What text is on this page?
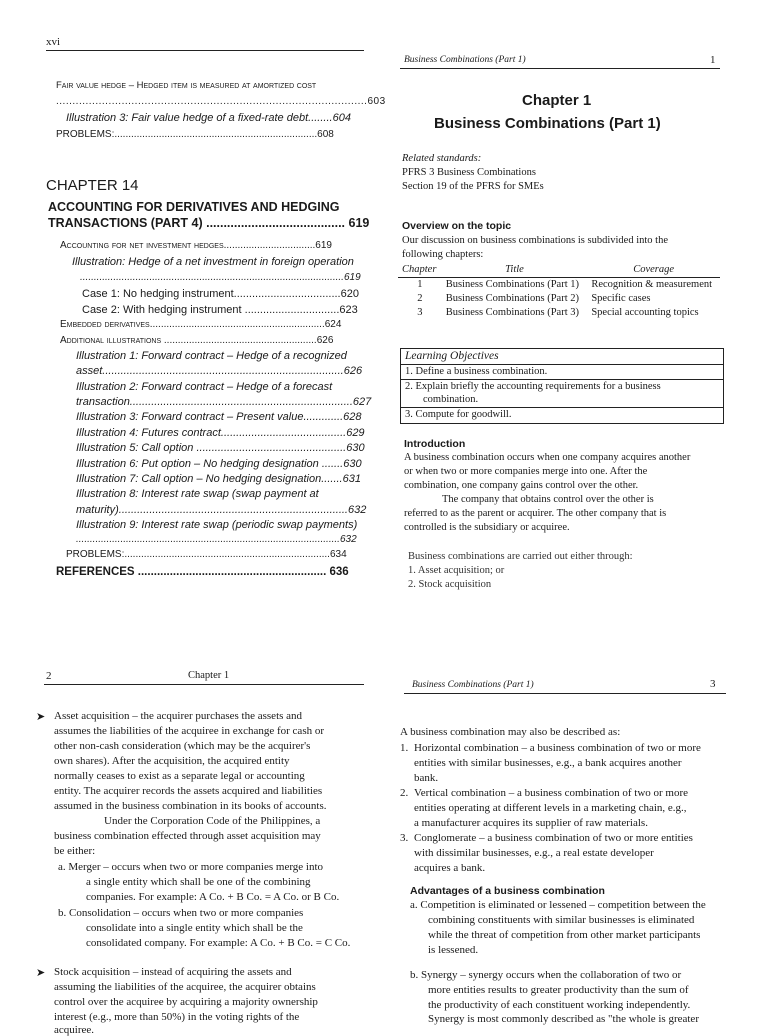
xvi
Fair value hedge – Hedged item is measured at amortized cost
...............................................................................................603
Illustration 3: Fair value hedge of a fixed-rate debt........604
PROBLEMS:.........................................................................608
CHAPTER 14
ACCOUNTING FOR DERIVATIVES AND HEDGING
TRANSACTIONS (PART 4) ........................................ 619
Accounting for net investment hedges.................................619
Illustration: Hedge of a net investment in foreign operation
...............................................................................................619
Case 1: No hedging instrument...................................620
Case 2: With hedging instrument ...............................623
Embedded derivatives...............................................................624
Additional illustrations .......................................................626
Illustration 1: Forward contract – Hedge of a recognized
asset...............................................................................626
Illustration 2: Forward contract – Hedge of a forecast
transaction.........................................................................627
Illustration 3: Forward contract – Present value.............628
Illustration 4: Futures contract.........................................629
Illustration 5: Call option .................................................630
Illustration 6: Put option – No hedging designation .......630
Illustration 7: Call option – No hedging designation.......631
Illustration 8: Interest rate swap (swap payment at
maturity)...........................................................................632
Illustration 9: Interest rate swap (periodic swap payments)
...............................................................................................632
PROBLEMS:..........................................................................634
REFERENCES ........................................................... 636
Business Combinations (Part 1)	1
Chapter 1
Business Combinations (Part 1)
Related standards:
PFRS 3 Business Combinations
Section 19 of the PFRS for SMEs
Overview on the topic
Our discussion on business combinations is subdivided into the
following chapters:
Chapter	Title	Coverage
1	Business Combinations (Part 1)	Recognition & measurement
2	Business Combinations (Part 2)	Specific cases
3	Business Combinations (Part 3)	Special accounting topics
Learning Objectives
1. Define a business combination.
2. Explain briefly the accounting requirements for a business
combination.
3. Compute for goodwill.
Introduction
A business combination occurs when one company acquires another
or when two or more companies merge into one. After the
combination, one company gains control over the other.
The company that obtains control over the other is
referred to as the parent or acquirer. The other company that is
controlled is the subsidiary or acquiree.
Business combinations are carried out either through:
1. Asset acquisition; or
2. Stock acquisition
2	Chapter 1
➤ Asset acquisition – the acquirer purchases the assets and
assumes the liabilities of the acquiree in exchange for cash or
other non-cash consideration (which may be the acquirer's
own shares). After the acquisition, the acquired entity
normally ceases to exist as a separate legal or accounting
entity. The acquirer records the assets acquired and liabilities
assumed in the business combination in its books of accounts.
Under the Corporation Code of the Philippines, a
business combination effected through asset acquisition may
be either:
a. Merger – occurs when two or more companies merge into
a single entity which shall be one of the combining
companies. For example: A Co. + B Co. = A Co. or B Co.
b. Consolidation – occurs when two or more companies
consolidate into a single entity which shall be the
consolidated company. For example: A Co. + B Co. = C Co.
➤ Stock acquisition – instead of acquiring the assets and
assuming the liabilities of the acquiree, the acquirer obtains
control over the acquiree by acquiring a majority ownership
interest (e.g., more than 50%) in the voting rights of the
acquiree.
Business Combinations (Part 1)	3
A business combination may also be described as:
1. Horizontal combination – a business combination of two or more
entities with similar businesses, e.g., a bank acquires another
bank.
2. Vertical combination – a business combination of two or more
entities operating at different levels in a marketing chain, e.g.,
a manufacturer acquires its supplier of raw materials.
3. Conglomerate – a business combination of two or more entities
with dissimilar businesses, e.g., a real estate developer
acquires a bank.
Advantages of a business combination
a. Competition is eliminated or lessened – competition between the
combining constituents with similar businesses is eliminated
while the threat of competition from other market participants
is lessened.
b. Synergy – synergy occurs when the collaboration of two or
more entities results to greater productivity than the sum of
the productivity of each constituent working independently.
Synergy is most commonly described as "the whole is greater
